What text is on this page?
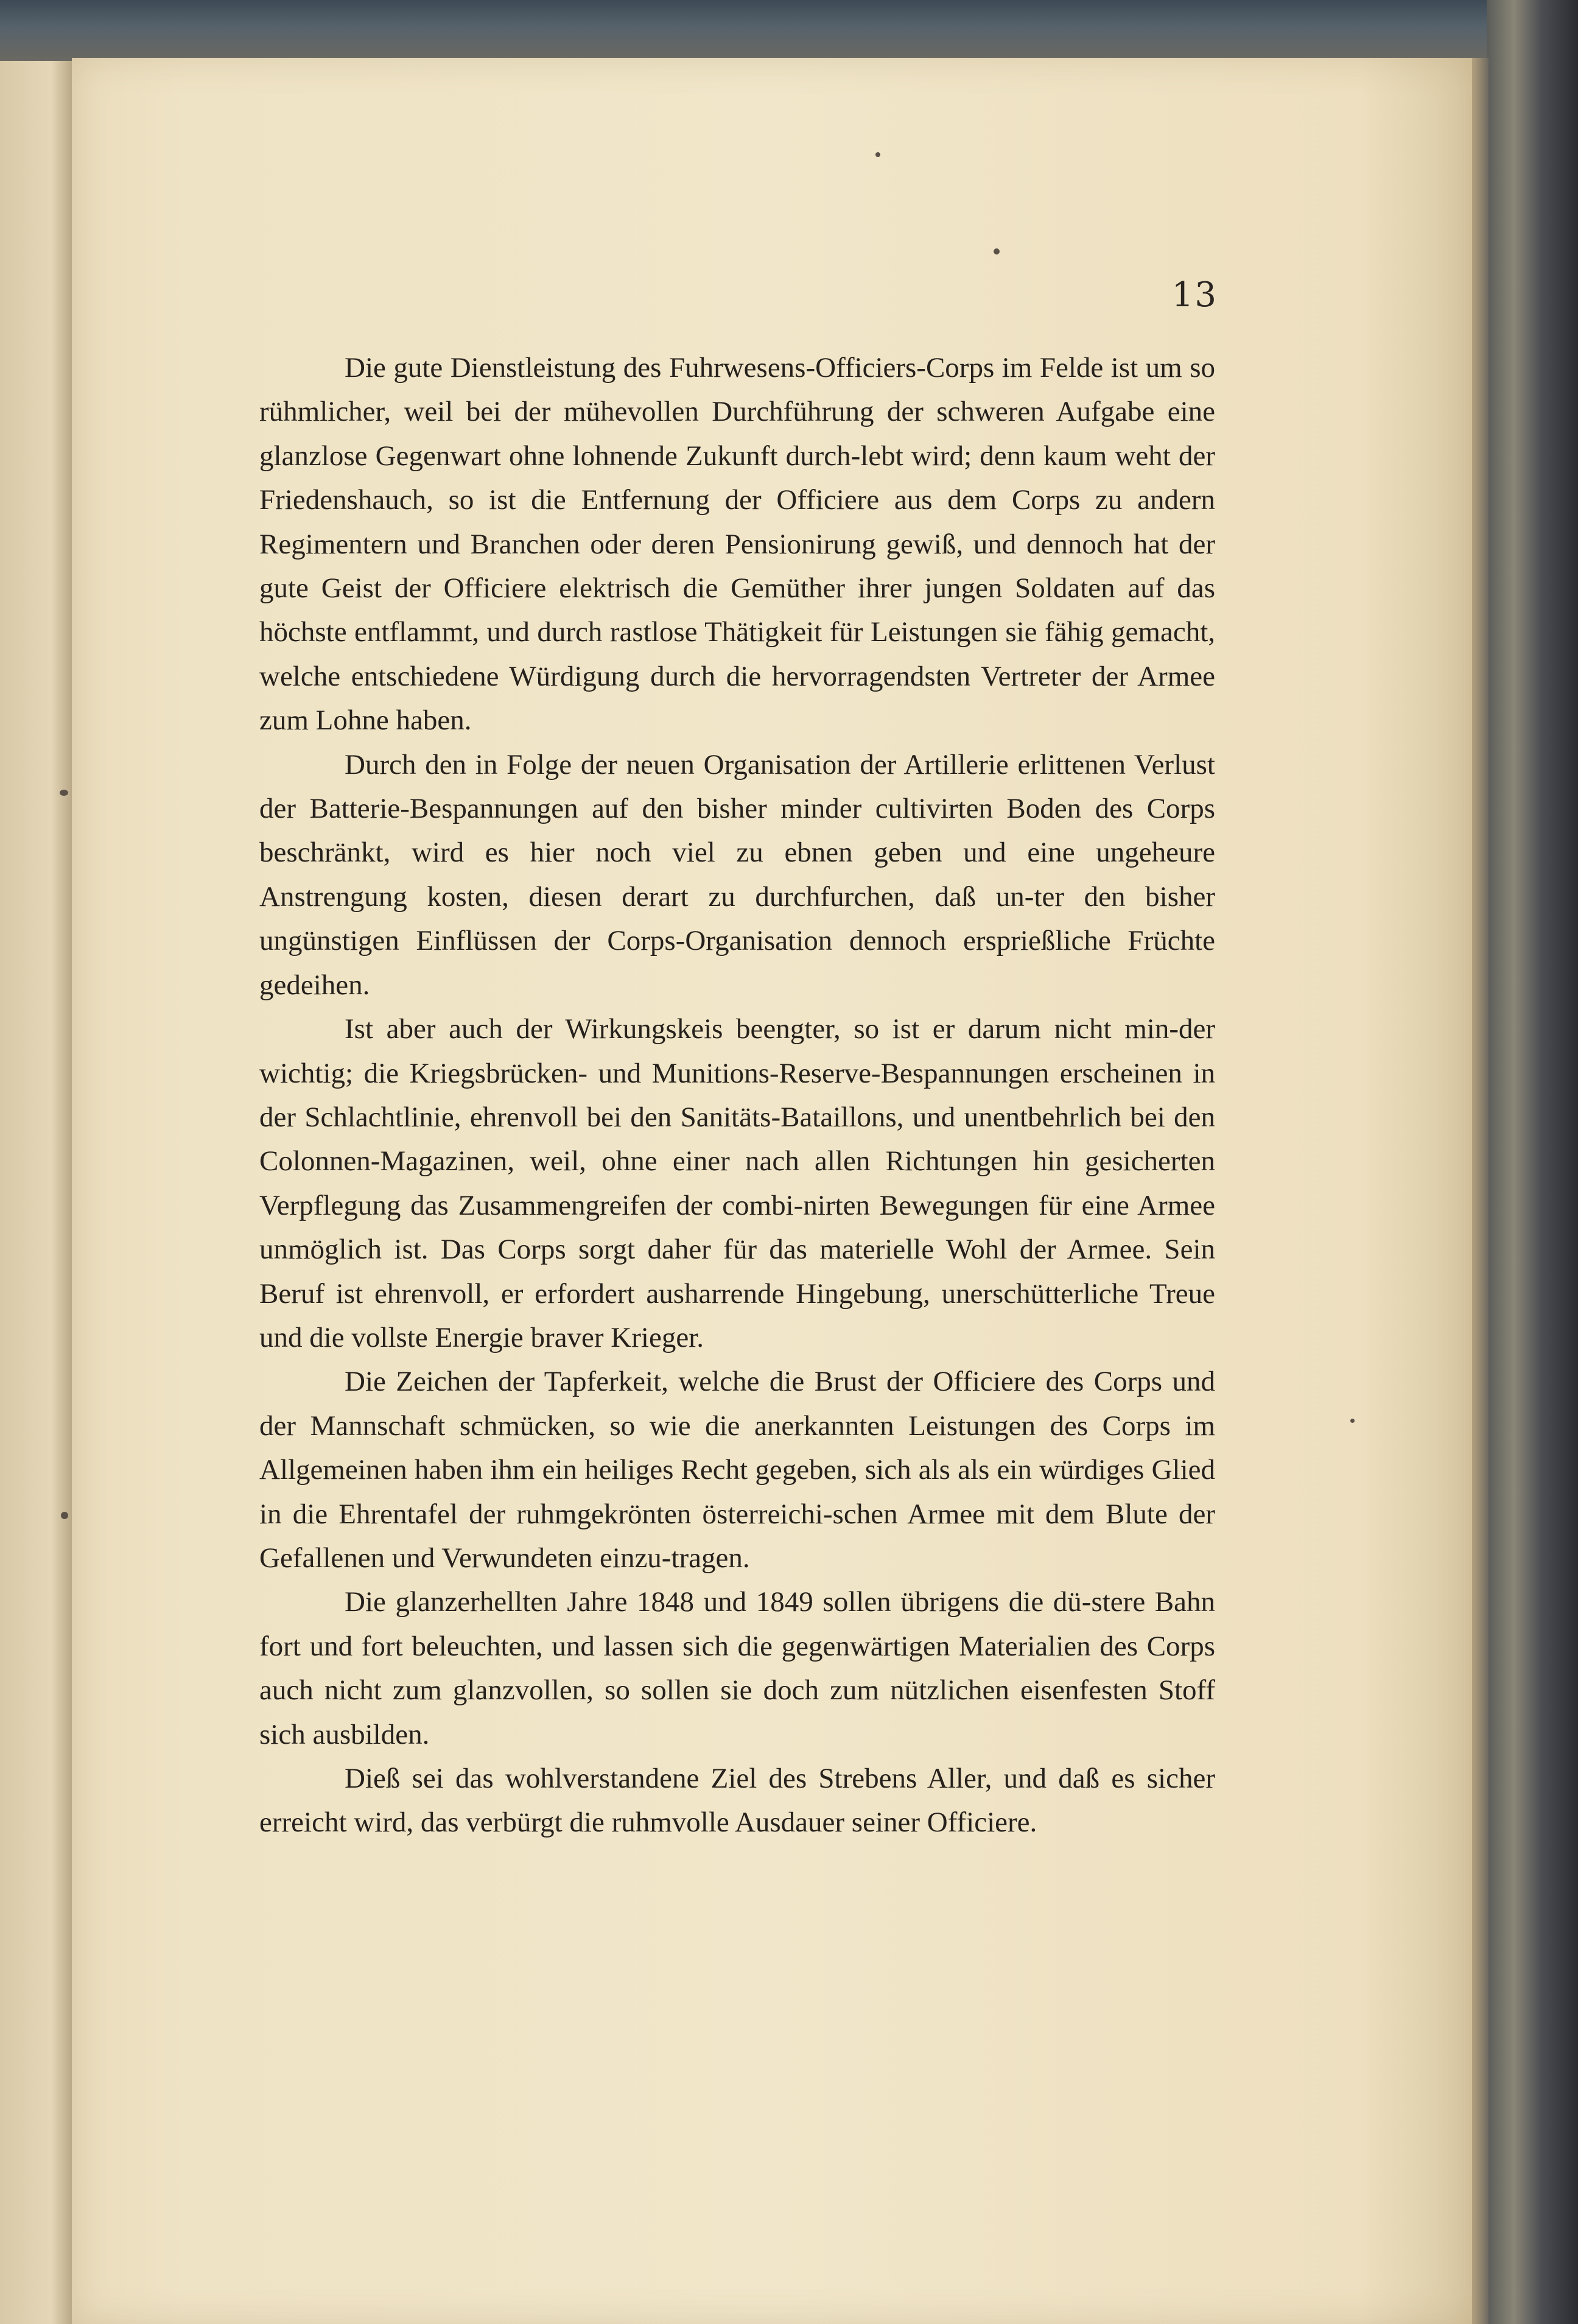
13

Die gute Dienstleistung des Fuhrwesens-Officiers-Corps im Felde ist um so rühmlicher, weil bei der mühevollen Durchführung der schweren Aufgabe eine glanzlose Gegenwart ohne lohnende Zukunft durch-lebt wird; denn kaum weht der Friedenshauch, so ist die Entfernung der Officiere aus dem Corps zu andern Regimentern und Branchen oder deren Pensionirung gewiß, und dennoch hat der gute Geist der Officiere elektrisch die Gemüther ihrer jungen Soldaten auf das höchste entflammt, und durch rastlose Thätigkeit für Leistungen sie fähig gemacht, welche entschiedene Würdigung durch die hervorragendsten Vertreter der Armee zum Lohne haben.

Durch den in Folge der neuen Organisation der Artillerie erlittenen Verlust der Batterie-Bespannungen auf den bisher minder cultivirten Boden des Corps beschränkt, wird es hier noch viel zu ebnen geben und eine ungeheure Anstrengung kosten, diesen derart zu durchfurchen, daß un-ter den bisher ungünstigen Einflüssen der Corps-Organisation dennoch ersprießliche Früchte gedeihen.

Ist aber auch der Wirkungskeis beengter, so ist er darum nicht min-der wichtig; die Kriegsbrücken- und Munitions-Reserve-Bespannungen erscheinen in der Schlachtlinie, ehrenvoll bei den Sanitäts-Bataillons, und unentbehrlich bei den Colonnen-Magazinen, weil, ohne einer nach allen Richtungen hin gesicherten Verpflegung das Zusammengreifen der combi-nirten Bewegungen für eine Armee unmöglich ist. Das Corps sorgt daher für das materielle Wohl der Armee. Sein Beruf ist ehrenvoll, er erfordert ausharrende Hingebung, unerschütterliche Treue und die vollste Energie braver Krieger.

Die Zeichen der Tapferkeit, welche die Brust der Officiere des Corps und der Mannschaft schmücken, so wie die anerkannten Leistungen des Corps im Allgemeinen haben ihm ein heiliges Recht gegeben, sich als als ein würdiges Glied in die Ehrentafel der ruhmgekrönten österreichi-schen Armee mit dem Blute der Gefallenen und Verwundeten einzu-tragen.

Die glanzerhellten Jahre 1848 und 1849 sollen übrigens die dü-stere Bahn fort und fort beleuchten, und lassen sich die gegenwärtigen Materialien des Corps auch nicht zum glanzvollen, so sollen sie doch zum nützlichen eisenfesten Stoff sich ausbilden.

Dieß sei das wohlverstandene Ziel des Strebens Aller, und daß es sicher erreicht wird, das verbürgt die ruhmvolle Ausdauer seiner Officiere.
